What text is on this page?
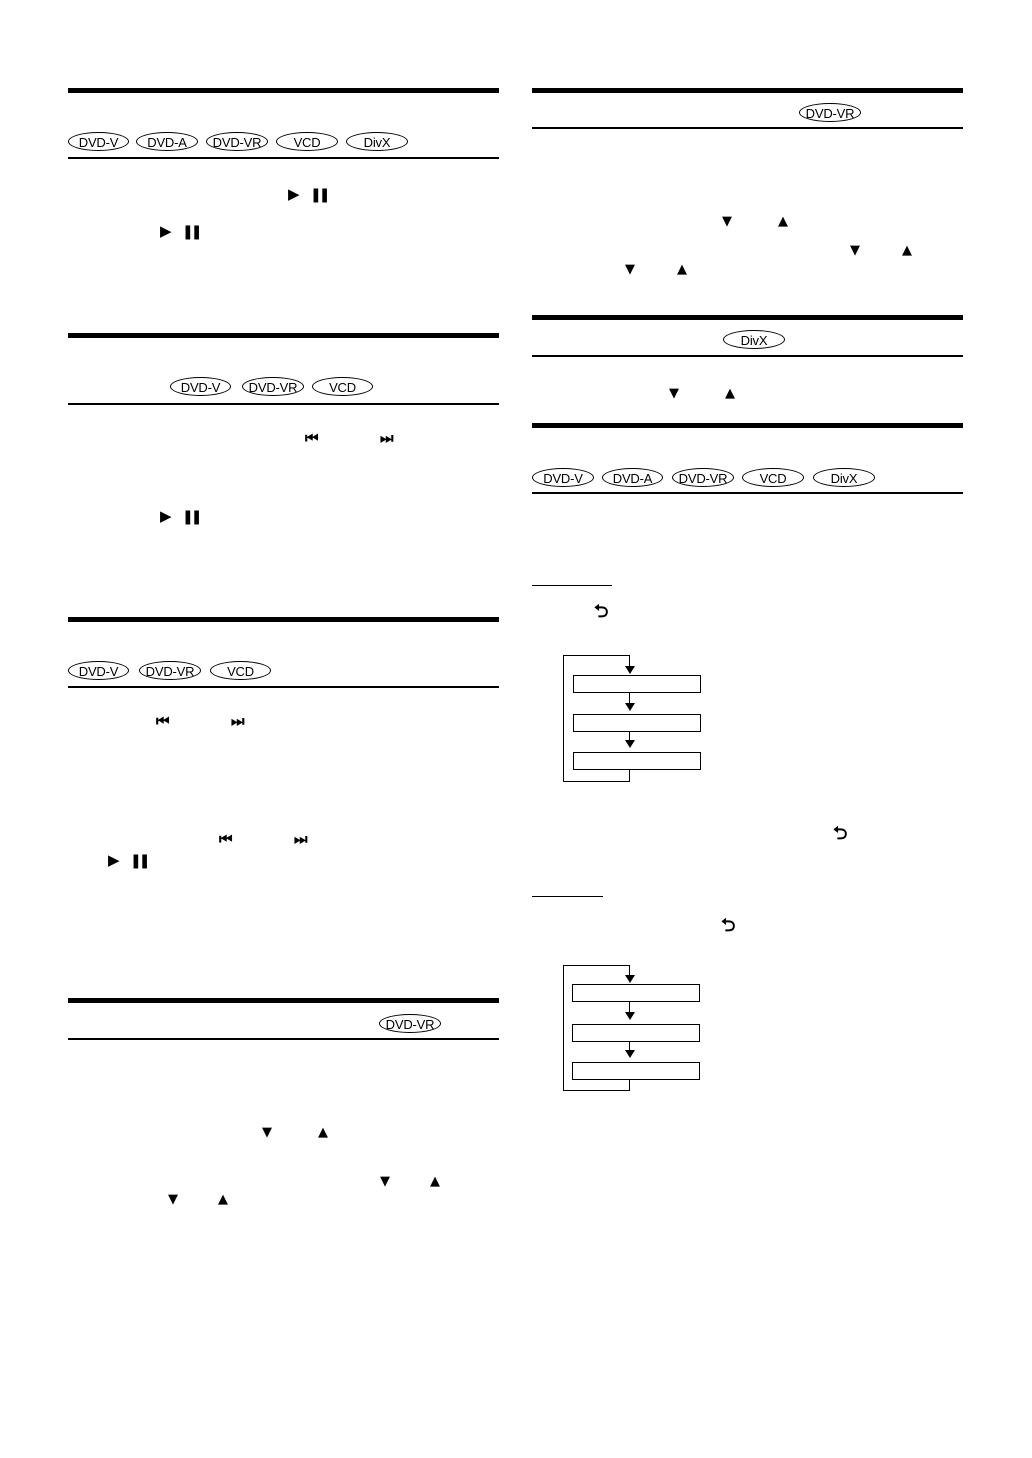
DVD-V	DVD-A	DVD-VR	VCD	DivX
▶ ❚❚
▶ ❚❚
DVD-V	DVD-VR	VCD
⏮	⏭
▶ ❚❚
DVD-V	DVD-VR	VCD
⏮	⏭
⏮	⏭
▶ ❚❚
DVD-VR
▼	▲
▼	▲
▼	▲
DVD-VR
▼	▲
▼	▲
▼	▲
DivX
▼	▲
DVD-V	DVD-A	DVD-VR	VCD	DivX
⮌
⮌
⮌
